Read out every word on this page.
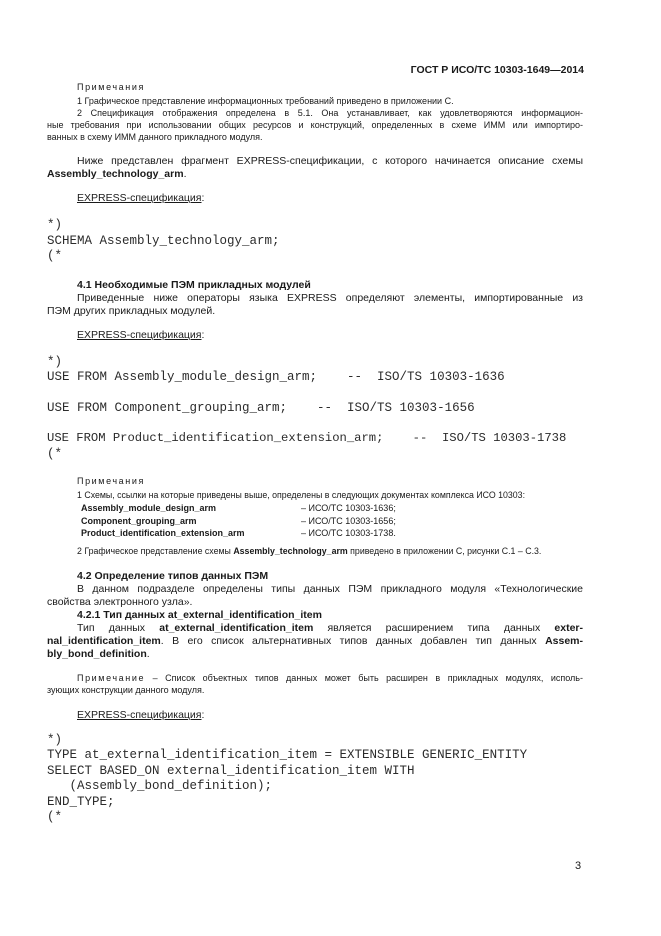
ГОСТ Р ИСО/ТС 10303-1649—2014
Примечания
1 Графическое представление информационных требований приведено в приложении С.
2 Спецификация отображения определена в 5.1. Она устанавливает, как удовлетворяются информацион-
ные требования при использовании общих ресурсов и конструкций, определенных в схеме ИММ или импортиро-
ванных в схему ИММ данного прикладного модуля.
Ниже представлен фрагмент EXPRESS-спецификации, с которого начинается описание схемы
Assembly_technology_arm.
EXPRESS-спецификация:
*)
SCHEMA Assembly_technology_arm;
(*
4.1 Необходимые ПЭМ прикладных модулей
Приведенные ниже операторы языка EXPRESS определяют элементы, импортированные из
ПЭМ других прикладных модулей.
EXPRESS-спецификация:
*)
USE FROM Assembly_module_design_arm;    --  ISO/TS 10303-1636
USE FROM Component_grouping_arm;    --  ISO/TS 10303-1656
USE FROM Product_identification_extension_arm;    --  ISO/TS 10303-1738
(*
Примечания
1 Схемы, ссылки на которые приведены выше, определены в следующих документах комплекса ИСО 10303:
Assembly_module_design_arm	– ИСО/ТС 10303-1636;
Component_grouping_arm	– ИСО/ТС 10303-1656;
Product_identification_extension_arm	– ИСО/ТС 10303-1738.
2 Графическое представление схемы Assembly_technology_arm приведено в приложении С, рисунки С.1 – С.3.
4.2 Определение типов данных ПЭМ
В данном подразделе определены типы данных ПЭМ прикладного модуля «Технологические
свойства электронного узла».
4.2.1 Тип данных at_external_identification_item
Тип данных at_external_identification_item является расширением типа данных exter-
nal_identification_item. В его список альтернативных типов данных добавлен тип данных Assem-
bly_bond_definition.
Примечание – Список объектных типов данных может быть расширен в прикладных модулях, исполь-
зующих конструкции данного модуля.
EXPRESS-спецификация:
*)
TYPE at_external_identification_item = EXTENSIBLE GENERIC_ENTITY
SELECT BASED_ON external_identification_item WITH
(Assembly_bond_definition);
END_TYPE;
(*
3
